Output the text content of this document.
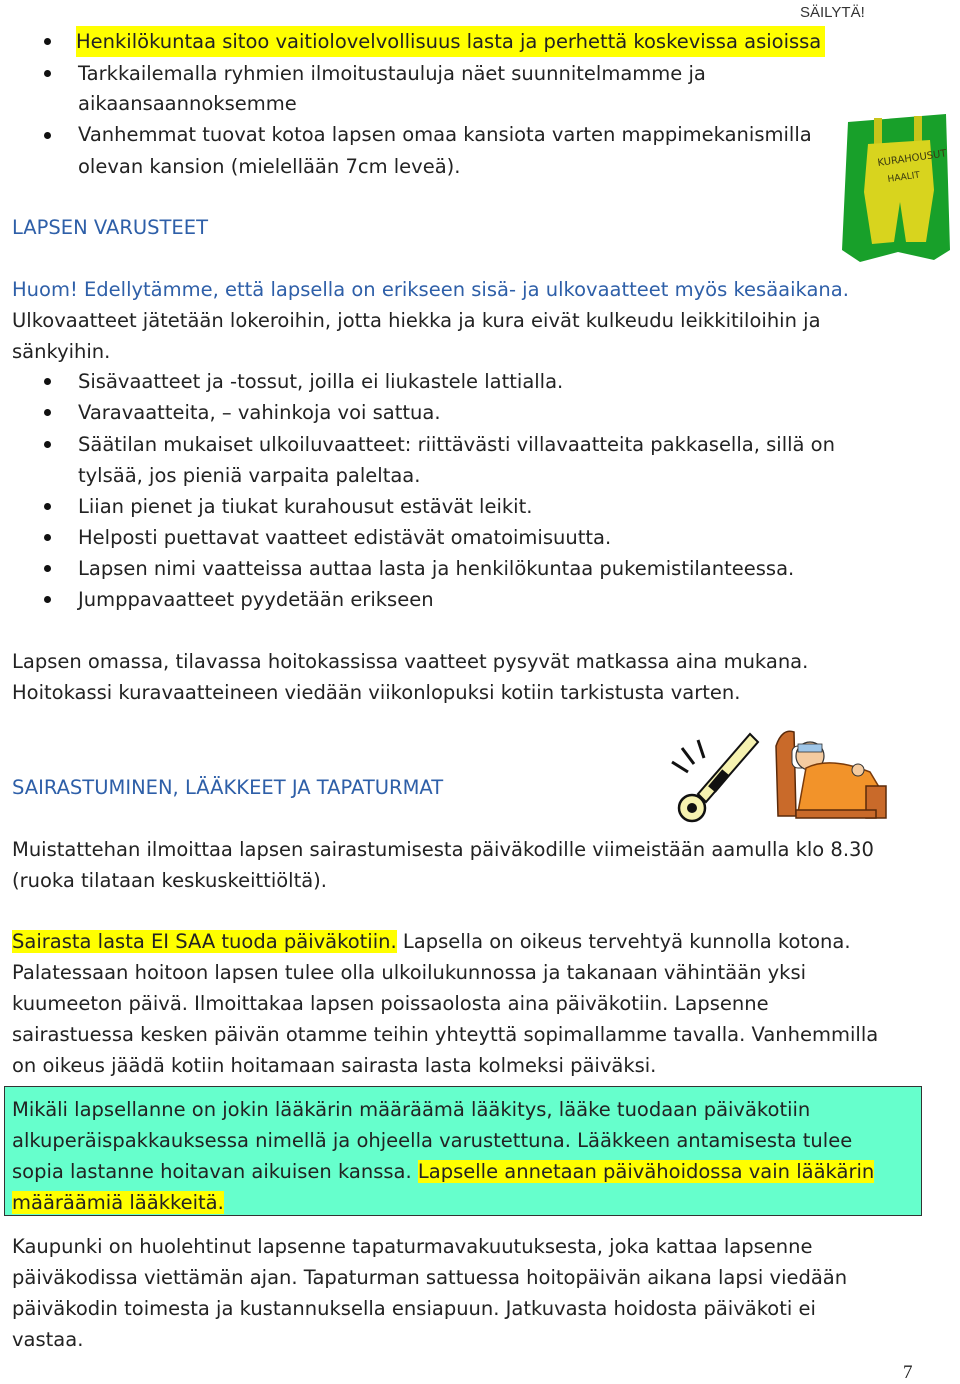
SÄILYTÄ!
Henkilökuntaa sitoo vaitiolovelvollisuus lasta ja perhettä koskevissa asioissa
Tarkkailemalla ryhmien ilmoitustauluja näet suunnitelmamme ja
aikaansaannoksemme
Vanhemmat tuovat kotoa lapsen omaa kansiota varten mappimekanismilla
olevan kansion (mielellään 7cm leveä).	KURAHOUSUT
HAALIT
LAPSEN VARUSTEET
Huom! Edellytämme, että lapsella on erikseen sisä- ja ulkovaatteet myös kesäaikana.
Ulkovaatteet jätetään lokeroihin, jotta hiekka ja kura eivät kulkeudu leikkitiloihin ja
sänkyihin.
Sisävaatteet ja -tossut, joilla ei liukastele lattialla.
Varavaatteita, – vahinkoja voi sattua.
Säätilan mukaiset ulkoiluvaatteet: riittävästi villavaatteita pakkasella, sillä on
tylsää, jos pieniä varpaita paleltaa.
Liian pienet ja tiukat kurahousut estävät leikit.
Helposti puettavat vaatteet edistävät omatoimisuutta.
Lapsen nimi vaatteissa auttaa lasta ja henkilökuntaa pukemistilanteessa.
Jumppavaatteet pyydetään erikseen
Lapsen omassa, tilavassa hoitokassissa vaatteet pysyvät matkassa aina mukana.
Hoitokassi kuravaatteineen viedään viikonlopuksi kotiin tarkistusta varten.
SAIRASTUMINEN, LÄÄKKEET JA TAPATURMAT
Muistattehan ilmoittaa lapsen sairastumisesta päiväkodille viimeistään aamulla klo 8.30
(ruoka tilataan keskuskeittiöltä).
Sairasta lasta EI SAA tuoda päiväkotiin. Lapsella on oikeus tervehtyä kunnolla kotona.
Palatessaan hoitoon lapsen tulee olla ulkoilukunnossa ja takanaan vähintään yksi
kuumeeton päivä. Ilmoittakaa lapsen poissaolosta aina päiväkotiin. Lapsenne
sairastuessa kesken päivän otamme teihin yhteyttä sopimallamme tavalla. Vanhemmilla
on oikeus jäädä kotiin hoitamaan sairasta lasta kolmeksi päiväksi.
Mikäli lapsellanne on jokin lääkärin määräämä lääkitys, lääke tuodaan päiväkotiin
alkuperäispakkauksessa nimellä ja ohjeella varustettuna. Lääkkeen antamisesta tulee
sopia lastanne hoitavan aikuisen kanssa. Lapselle annetaan päivähoidossa vain lääkärin
määräämiä lääkkeitä.
Kaupunki on huolehtinut lapsenne tapaturmavakuutuksesta, joka kattaa lapsenne
päiväkodissa viettämän ajan. Tapaturman sattuessa hoitopäivän aikana lapsi viedään
päiväkodin toimesta ja kustannuksella ensiapuun. Jatkuvasta hoidosta päiväkoti ei
vastaa.
7
